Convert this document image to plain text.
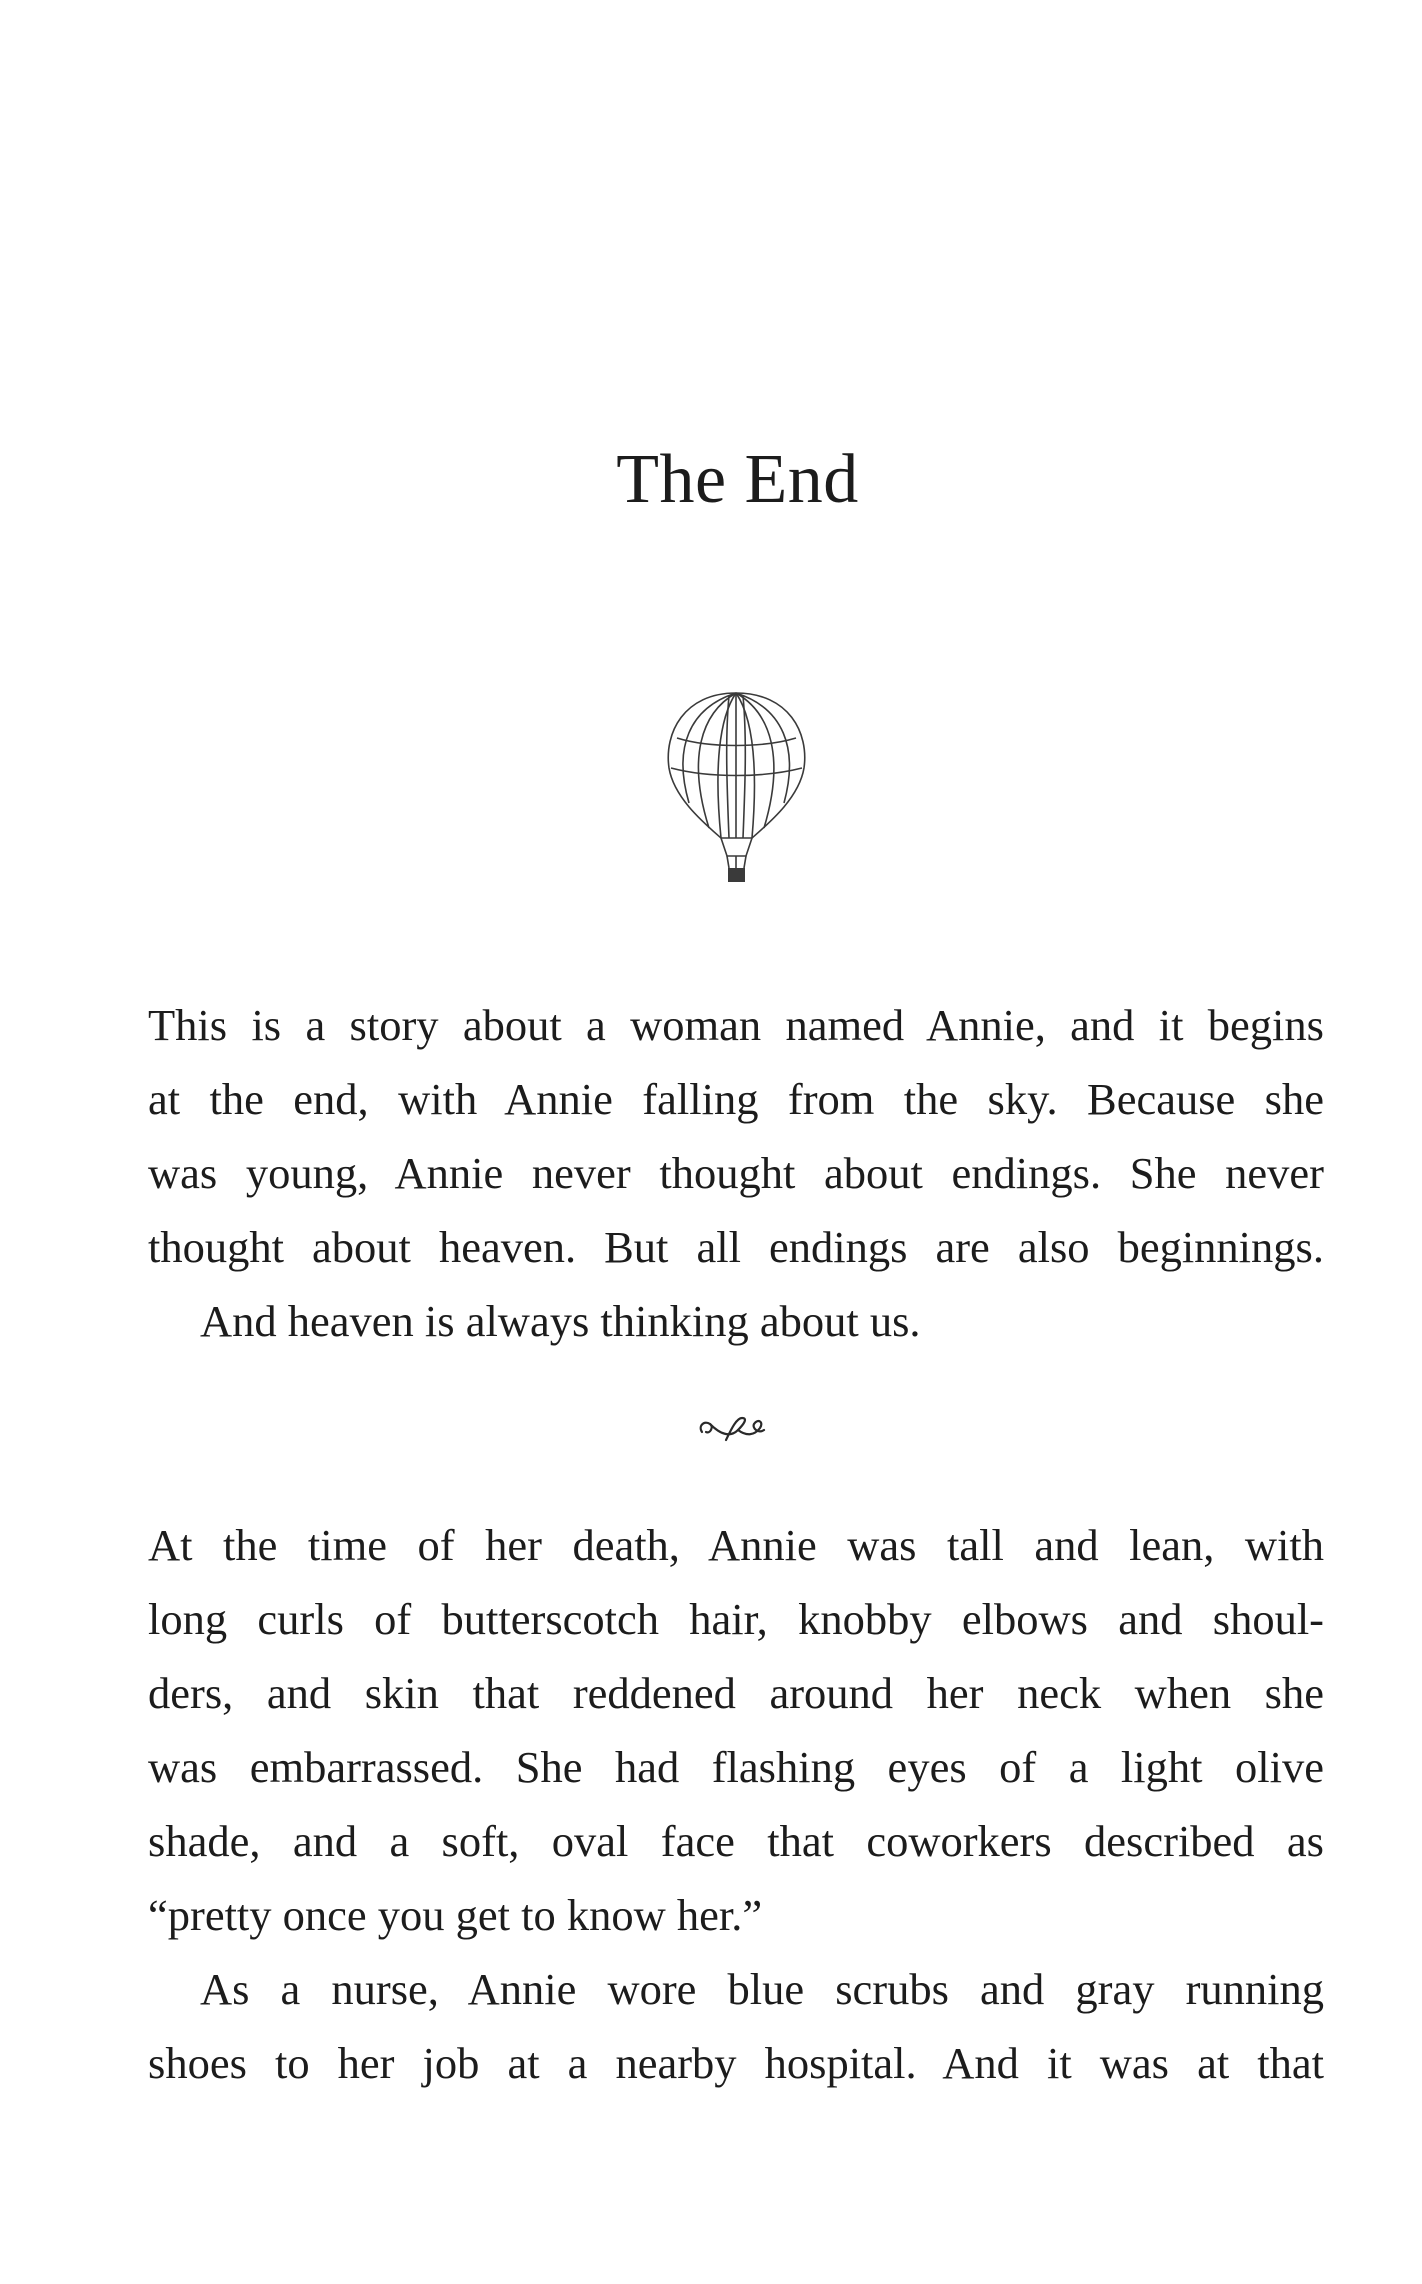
The End
This is a story about a woman named Annie, and it begins
at the end, with Annie falling from the sky. Because she
was young, Annie never thought about endings. She never
thought about heaven. But all endings are also beginnings.
And heaven is always thinking about us.
At the time of her death, Annie was tall and lean, with
long curls of butterscotch hair, knobby elbows and shoul-
ders, and skin that reddened around her neck when she
was embarrassed. She had flashing eyes of a light olive
shade, and a soft, oval face that coworkers described as
“pretty once you get to know her.”
As a nurse, Annie wore blue scrubs and gray running
shoes to her job at a nearby hospital. And it was at that
